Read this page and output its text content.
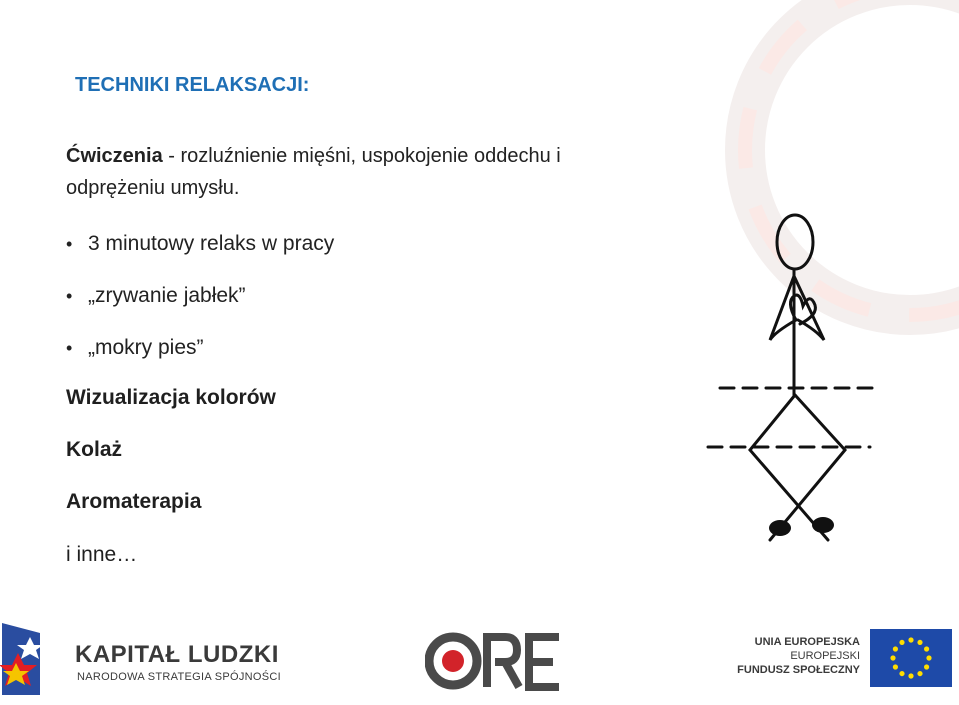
TECHNIKI RELAKSACJI:
Ćwiczenia - rozluźnienie mięśni, uspokojenie oddechu i
odprężeniu umysłu.
• 3 minutowy relaks w pracy
• „zrywanie jabłek”
• „mokry pies”
Wizualizacja kolorów
Kolaż
Aromaterapia
i inne…
KAPITAŁ LUDZKI
NARODOWA STRATEGIA SPÓJNOŚCI
ORE
UNIA EUROPEJSKA
EUROPEJSKI
FUNDUSZ SPOŁECZNY
